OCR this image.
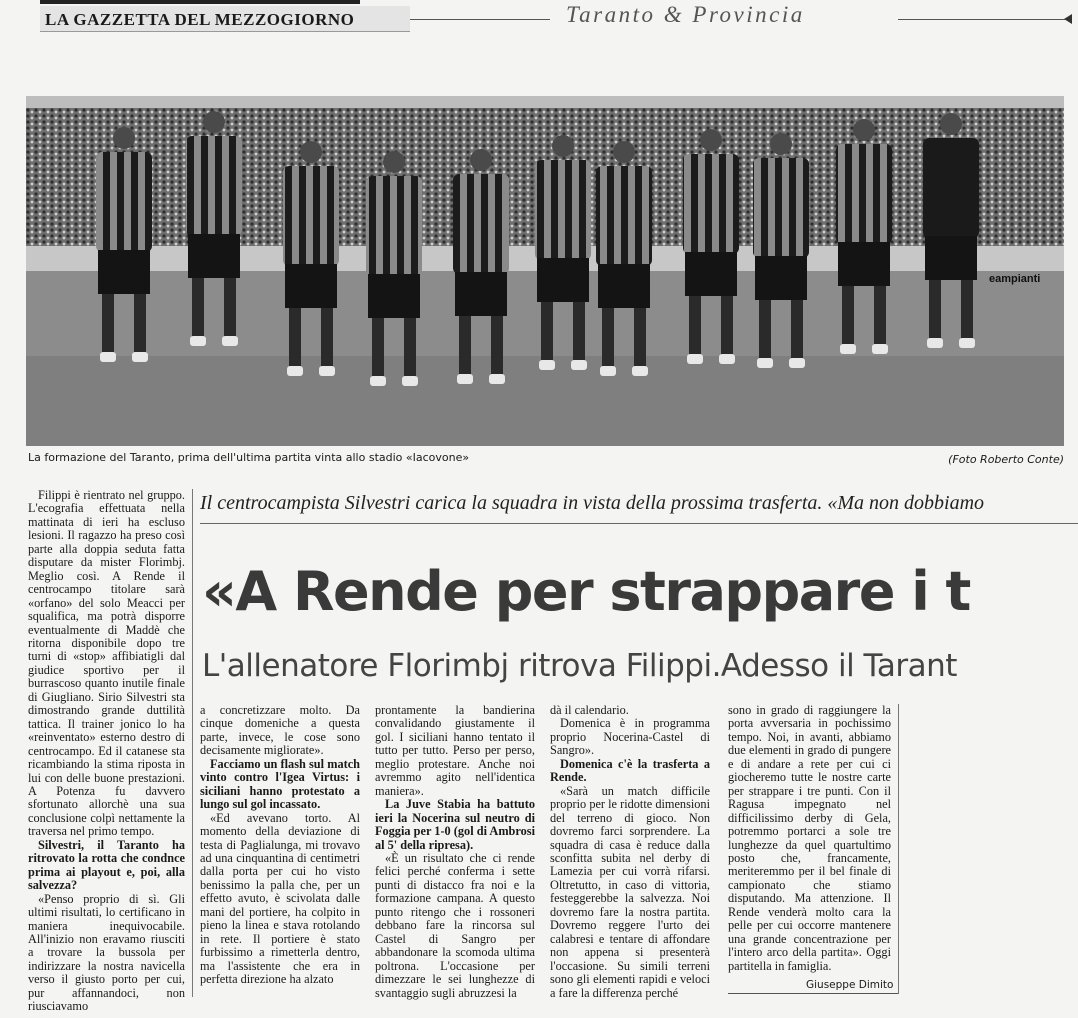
LA GAZZETTA DEL MEZZOGIORNO	Taranto & Provincia
eampianti
La formazione del Taranto, prima dell'ultima partita vinta allo stadio «Iacovone»	(Foto Roberto Conte)
Il centrocampista Silvestri carica la squadra in vista della prossima trasferta. «Ma non dobbiamo
«A Rende per strappare i t
L'allenatore Florimbj ritrova Filippi.Adesso il Tarant

Filippi è rientrato nel gruppo. L'ecografia effettuata nella mattinata di ieri ha escluso lesioni. Il ragazzo ha preso così parte alla doppia seduta fatta disputare da mister Florimbj. Meglio così. A Rende il centrocampo titolare sarà «orfano» del solo Meacci per squalifica, ma potrà disporre eventualmente di Maddè che ritorna disponibile dopo tre turni di «stop» affibiatigli dal giudice sportivo per il burrascoso quanto inutile finale di Giugliano. Sirio Silvestri sta dimostrando grande duttilità tattica. Il trainer jonico lo ha «reinventato» esterno destro di centrocampo. Ed il catanese sta ricambiando la stima riposta in lui con delle buone prestazioni. A Potenza fu davvero sfortunato allorchè una sua conclusione colpì nettamente la traversa nel primo tempo.

Silvestri, il Taranto ha ritrovato la rotta che condnce prima ai playout e, poi, alla salvezza?

«Penso proprio di sì. Gli ultimi risultati, lo certificano in maniera inequivocabile. All'inizio non eravamo riusciti a trovare la bussola per indirizzare la nostra navicella verso il giusto porto per cui, pur affannandoci, non riusciavamo

a concretizzare molto. Da cinque domeniche a questa parte, invece, le cose sono decisamente migliorate».

Facciamo un flash sul match vinto contro l'Igea Virtus: i siciliani hanno protestato a lungo sul gol incassato.

«Ed avevano torto. Al momento della deviazione di testa di Paglialunga, mi trovavo ad una cinquantina di centimetri dalla porta per cui ho visto benissimo la palla che, per un effetto avuto, è scivolata dalle mani del portiere, ha colpito in pieno la linea e stava rotolando in rete. Il portiere è stato furbissimo a rimetterla dentro, ma l'assistente che era in perfetta direzione ha alzato

prontamente la bandierina convalidando giustamente il gol. I siciliani hanno tentato il tutto per tutto. Perso per perso, meglio protestare. Anche noi avremmo agito nell'identica maniera».

La Juve Stabia ha battuto ieri la Nocerina sul neutro di Foggia per 1-0 (gol di Ambrosi al 5' della ripresa).

«È un risultato che ci rende felici perché conferma i sette punti di distacco fra noi e la formazione campana. A questo punto ritengo che i rossoneri debbano fare la rincorsa sul Castel di Sangro per abbandonare la scomoda ultima poltrona. L'occasione per dimezzare le sei lunghezze di svantaggio sugli abruzzesi la

dà il calendario.

Domenica è in programma proprio Nocerina-Castel di Sangro».

Domenica c'è la trasferta a Rende.

«Sarà un match difficile proprio per le ridotte dimensioni del terreno di gioco. Non dovremo farci sorprendere. La squadra di casa è reduce dalla sconfitta subita nel derby di Lamezia per cui vorrà rifarsi. Oltretutto, in caso di vittoria, festeggerebbe la salvezza. Noi dovremo fare la nostra partita. Dovremo reggere l'urto dei calabresi e tentare di affondare non appena si presenterà l'occasione. Su simili terreni sono gli elementi rapidi e veloci a fare la differenza perché

sono in grado di raggiungere la porta avversaria in pochissimo tempo. Noi, in avanti, abbiamo due elementi in grado di pungere e di andare a rete per cui ci giocheremo tutte le nostre carte per strappare i tre punti. Con il Ragusa impegnato nel difficilissimo derby di Gela, potremmo portarci a sole tre lunghezze da quel quartultimo posto che, francamente, meriteremmo per il bel finale di campionato che stiamo disputando. Ma attenzione. Il Rende venderà molto cara la pelle per cui occorre mantenere una grande concentrazione per l'intero arco della partita». Oggi partitella in famiglia.

Giuseppe Dimito
